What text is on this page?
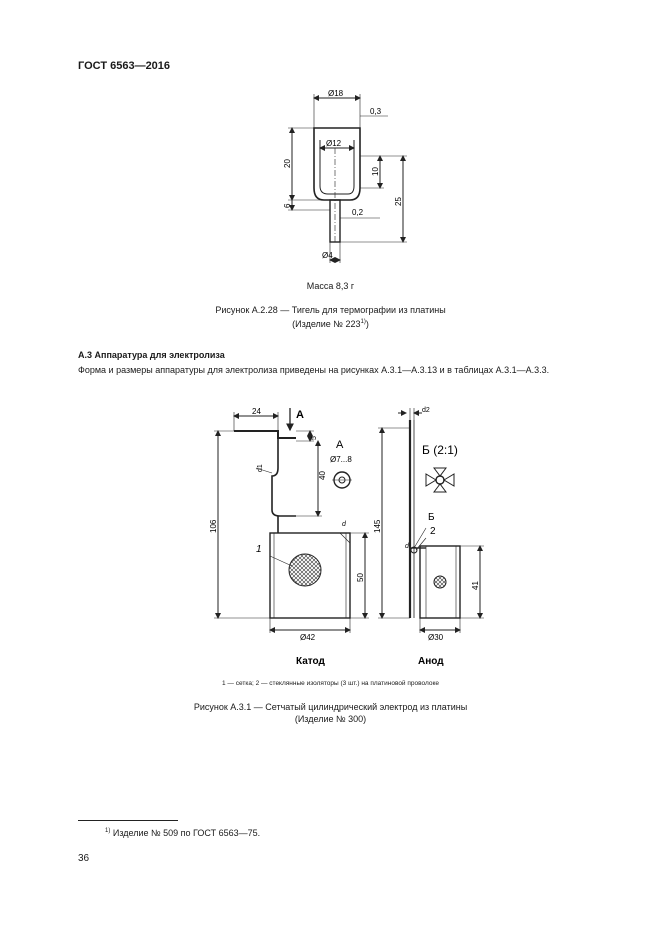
ГОСТ 6563—2016
Ø18
0,3
Ø12
20
6
10
25
0,2
Ø4
Масса 8,3 г
Рисунок А.2.28 — Тигель для термографии из платины
(Изделие № 223$^{1)}$)
А.3 Аппаратура для электролиза
Форма и размеры аппаратуры для электролиза приведены на рисунках А.3.1—А.3.13 и в таблицах А.3.1—А.3.3.
24	А
5
40
d1
А
Ø7...8
106
50
Ø42
1
d
d2
145
Б (2:1)
Б
2
d
41
Ø30
Катод	Анод
1 — сетка; 2 — стеклянные изоляторы (3 шт.) на платиновой проволоке
Рисунок А.3.1 — Сетчатый цилиндрический электрод из платины
(Изделие № 300)
$^{1)}$ Изделие № 509 по ГОСТ 6563—75.
36
